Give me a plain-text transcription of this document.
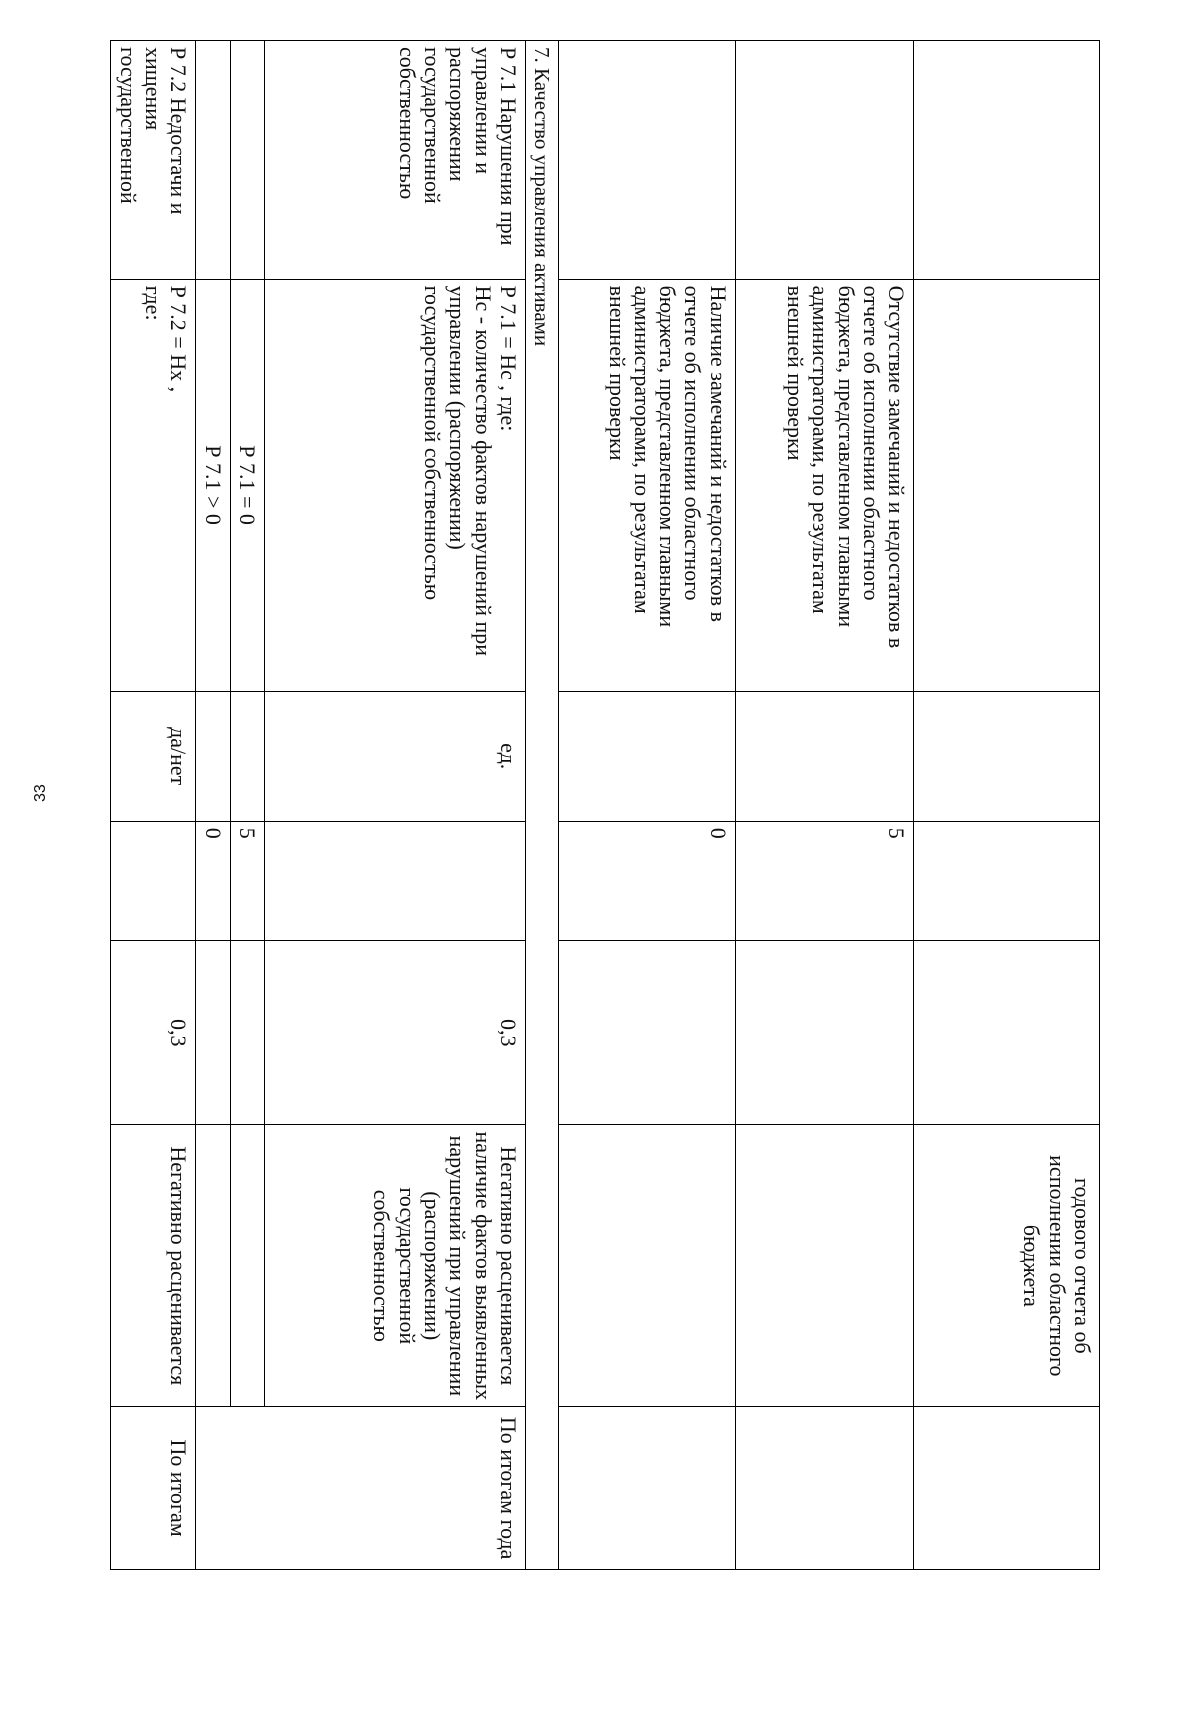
33
					годового отчета об исполнении областного бюджета	
	Отсутствие замечаний и недостатков в отчете об исполнении областного бюджета, представленном главными администраторами, по результатам внешней проверки		5			
	Наличие замечаний и недостатков в отчете об исполнении областного бюджета, представленном главными администраторами, по результатам внешней проверки		0			
7. Качество управления активами						
Р 7.1 Нарушения при управлении и распоряжении государственной собственностью	Р 7.1 = Нс , где:
Нс - количество фактов нарушений при управлении (распоряжении) государственной собственностью	ед.		0,3	Негативно расценивается наличие фактов выявленных нарушений при управлении (распоряжении) государственной собственностью	По итогам года
	Р 7.1 = 0		5			
	Р 7.1 > 0		0			
Р 7.2 Недостачи и хищения государственной	Р 7.2 = Нх ,
где:	да/нет		0,3	Негативно расценивается	По итогам
